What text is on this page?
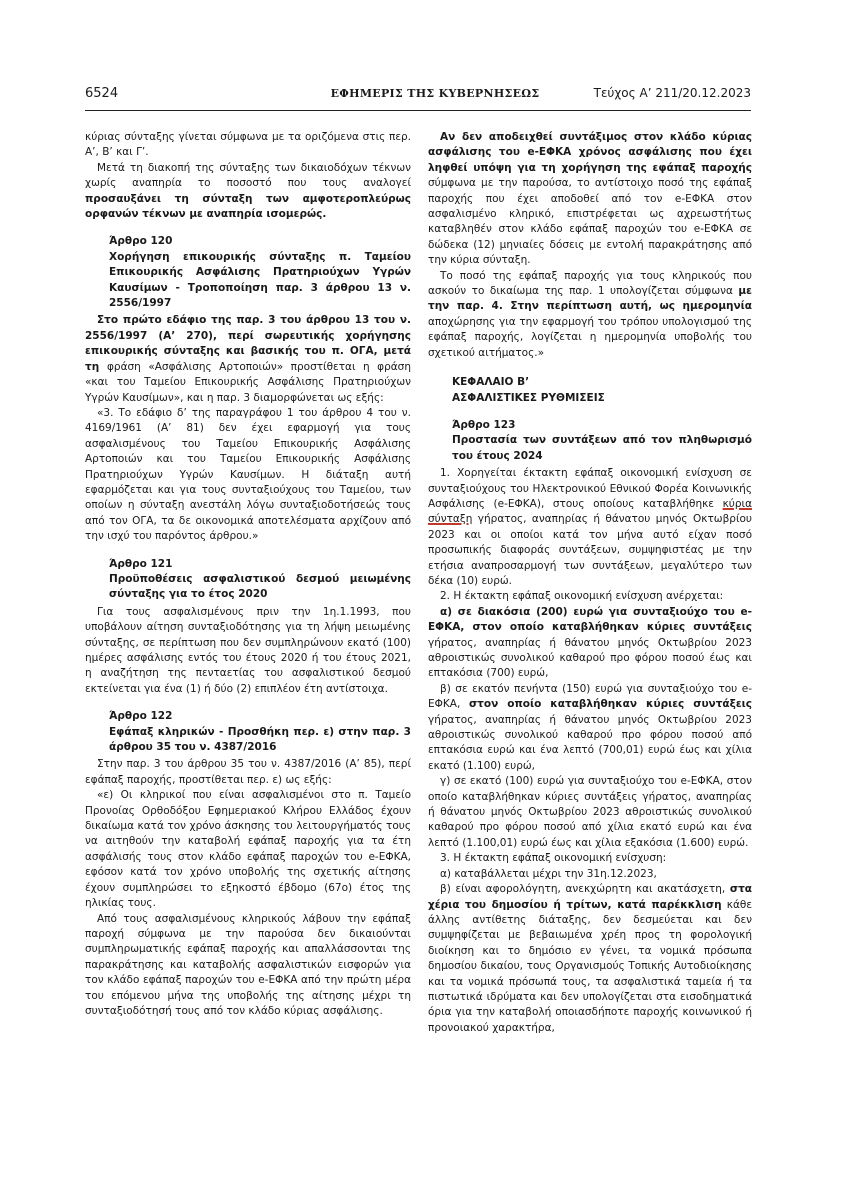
6524	ΕΦΗΜΕΡΙΣ ΤΗΣ ΚΥΒΕΡΝΗΣΕΩΣ	Τεύχος A’ 211/20.12.2023

κύριας σύνταξης γίνεται σύμφωνα με τα οριζόμενα στις περ. Α’, Β’ και Γ’.

Μετά τη διακοπή της σύνταξης των δικαιοδόχων τέκνων χωρίς αναπηρία το ποσοστό που τους αναλογεί προσαυξάνει τη σύνταξη των αμφοτεροπλεύρως ορφανών τέκνων με αναπηρία ισομερώς.

Άρθρο 120
Χορήγηση επικουρικής σύνταξης π. Ταμείου Επικουρικής Ασφάλισης Πρατηριούχων Υγρών Καυσίμων - Τροποποίηση παρ. 3 άρθρου 13 ν. 2556/1997

Στο πρώτο εδάφιο της παρ. 3 του άρθρου 13 του ν. 2556/1997 (Α’ 270), περί σωρευτικής χορήγησης επικουρικής σύνταξης και βασικής του π. ΟΓΑ, μετά τη φράση «Ασφάλισης Αρτοποιών» προστίθεται η φράση «και του Ταμείου Επικουρικής Ασφάλισης Πρατηριούχων Υγρών Καυσίμων», και η παρ. 3 διαμορφώνεται ως εξής:

«3. Το εδάφιο δ’ της παραγράφου 1 του άρθρου 4 του ν. 4169/1961 (Α’ 81) δεν έχει εφαρμογή για τους ασφαλισμένους του Ταμείου Επικουρικής Ασφάλισης Αρτοποιών και του Ταμείου Επικουρικής Ασφάλισης Πρατηριούχων Υγρών Καυσίμων. Η διάταξη αυτή εφαρμόζεται και για τους συνταξιούχους του Ταμείου, των οποίων η σύνταξη ανεστάλη λόγω συνταξιοδοτήσεώς τους από τον ΟΓΑ, τα δε οικονομικά αποτελέσματα αρχίζουν από την ισχύ του παρόντος άρθρου.»

Άρθρο 121
Προϋποθέσεις ασφαλιστικού δεσμού μειωμένης σύνταξης για το έτος 2020

Για τους ασφαλισμένους πριν την 1η.1.1993, που υποβάλουν αίτηση συνταξιοδότησης για τη λήψη μειωμένης σύνταξης, σε περίπτωση που δεν συμπληρώνουν εκατό (100) ημέρες ασφάλισης εντός του έτους 2020 ή του έτους 2021, η αναζήτηση της πενταετίας του ασφαλιστικού δεσμού εκτείνεται για ένα (1) ή δύο (2) επιπλέον έτη αντίστοιχα.

Άρθρο 122
Εφάπαξ κληρικών - Προσθήκη περ. ε) στην παρ. 3 άρθρου 35 του ν. 4387/2016

Στην παρ. 3 του άρθρου 35 του ν. 4387/2016 (Α’ 85), περί εφάπαξ παροχής, προστίθεται περ. ε) ως εξής:

«ε) Οι κληρικοί που είναι ασφαλισμένοι στο π. Ταμείο Προνοίας Ορθοδόξου Εφημεριακού Κλήρου Ελλάδος έχουν δικαίωμα κατά τον χρόνο άσκησης του λειτουργήματός τους να αιτηθούν την καταβολή εφάπαξ παροχής για τα έτη ασφάλισής τους στον κλάδο εφάπαξ παροχών του e-ΕΦΚΑ, εφόσον κατά τον χρόνο υποβολής της σχετικής αίτησης έχουν συμπληρώσει το εξηκοστό έβδομο (67ο) έτος της ηλικίας τους.

Από τους ασφαλισμένους κληρικούς λάβουν την εφάπαξ παροχή σύμφωνα με την παρούσα δεν δικαιούνται συμπληρωματικής εφάπαξ παροχής και απαλλάσσονται της παρακράτησης και καταβολής ασφαλιστικών εισφορών για τον κλάδο εφάπαξ παροχών του e-ΕΦΚΑ από την πρώτη μέρα του επόμενου μήνα της υποβολής της αίτησης μέχρι τη συνταξιοδότησή τους από τον κλάδο κύριας ασφάλισης.

Αν δεν αποδειχθεί συντάξιμος στον κλάδο κύριας ασφάλισης του e-ΕΦΚΑ χρόνος ασφάλισης που έχει ληφθεί υπόψη για τη χορήγηση της εφάπαξ παροχής σύμφωνα με την παρούσα, το αντίστοιχο ποσό της εφάπαξ παροχής που έχει αποδοθεί από τον e-ΕΦΚΑ στον ασφαλισμένο κληρικό, επιστρέφεται ως αχρεωστήτως καταβληθέν στον κλάδο εφάπαξ παροχών του e-ΕΦΚΑ σε δώδεκα (12) μηνιαίες δόσεις με εντολή παρακράτησης από την κύρια σύνταξη.

Το ποσό της εφάπαξ παροχής για τους κληρικούς που ασκούν το δικαίωμα της παρ. 1 υπολογίζεται σύμφωνα με την παρ. 4. Στην περίπτωση αυτή, ως ημερομηνία αποχώρησης για την εφαρμογή του τρόπου υπολογισμού της εφάπαξ παροχής, λογίζεται η ημερομηνία υποβολής του σχετικού αιτήματος.»

ΚΕΦΑΛΑΙΟ Β’
ΑΣΦΑΛΙΣΤΙΚΕΣ ΡΥΘΜΙΣΕΙΣ
Άρθρο 123
Προστασία των συντάξεων από τον πληθωρισμό του έτους 2024

1. Χορηγείται έκτακτη εφάπαξ οικονομική ενίσχυση σε συνταξιούχους του Ηλεκτρονικού Εθνικού Φορέα Κοινωνικής Ασφάλισης (e-ΕΦΚΑ), στους οποίους καταβλήθηκε κύρια σύνταξη γήρατος, αναπηρίας ή θάνατου μηνός Οκτωβρίου 2023 και οι οποίοι κατά τον μήνα αυτό είχαν ποσό προσωπικής διαφοράς συντάξεων, συμψηφιστέας με την ετήσια αναπροσαρμογή των συντάξεων, μεγαλύτερο των δέκα (10) ευρώ.

2. Η έκτακτη εφάπαξ οικονομική ενίσχυση ανέρχεται:

α) σε διακόσια (200) ευρώ για συνταξιούχο του e-ΕΦΚΑ, στον οποίο καταβλήθηκαν κύριες συντάξεις γήρατος, αναπηρίας ή θάνατου μηνός Οκτωβρίου 2023 αθροιστικώς συνολικού καθαρού προ φόρου ποσού έως και επτακόσια (700) ευρώ,

β) σε εκατόν πενήντα (150) ευρώ για συνταξιούχο του e-ΕΦΚΑ, στον οποίο καταβλήθηκαν κύριες συντάξεις γήρατος, αναπηρίας ή θάνατου μηνός Οκτωβρίου 2023 αθροιστικώς συνολικού καθαρού προ φόρου ποσού από επτακόσια ευρώ και ένα λεπτό (700,01) ευρώ έως και χίλια εκατό (1.100) ευρώ,

γ) σε εκατό (100) ευρώ για συνταξιούχο του e-ΕΦΚΑ, στον οποίο καταβλήθηκαν κύριες συντάξεις γήρατος, αναπηρίας ή θάνατου μηνός Οκτωβρίου 2023 αθροιστικώς συνολικού καθαρού προ φόρου ποσού από χίλια εκατό ευρώ και ένα λεπτό (1.100,01) ευρώ έως και χίλια εξακόσια (1.600) ευρώ.

3. Η έκτακτη εφάπαξ οικονομική ενίσχυση:

α) καταβάλλεται μέχρι την 31η.12.2023,

β) είναι αφορολόγητη, ανεκχώρητη και ακατάσχετη, στα χέρια του δημοσίου ή τρίτων, κατά παρέκκλιση κάθε άλλης αντίθετης διάταξης, δεν δεσμεύεται και δεν συμψηφίζεται με βεβαιωμένα χρέη προς τη φορολογική διοίκηση και το δημόσιο εν γένει, τα νομικά πρόσωπα δημοσίου δικαίου, τους Οργανισμούς Τοπικής Αυτοδιοίκησης και τα νομικά πρόσωπά τους, τα ασφαλιστικά ταμεία ή τα πιστωτικά ιδρύματα και δεν υπολογίζεται στα εισοδηματικά όρια για την καταβολή οποιασδήποτε παροχής κοινωνικού ή προνοιακού χαρακτήρα,
